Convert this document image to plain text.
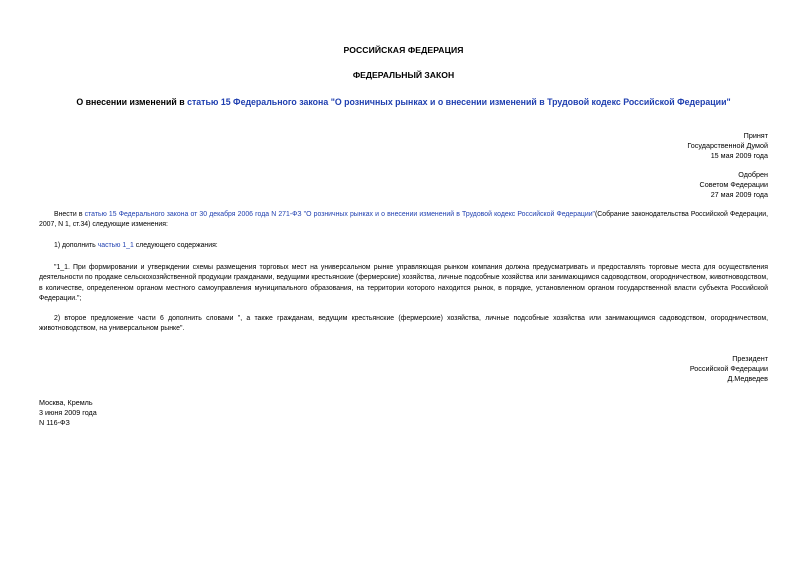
РОССИЙСКАЯ ФЕДЕРАЦИЯ
ФЕДЕРАЛЬНЫЙ ЗАКОН
О внесении изменений в статью 15 Федерального закона "О розничных рынках и о внесении изменений в Трудовой кодекс Российской Федерации"
Принят
Государственной Думой
15 мая 2009 года
Одобрен
Советом Федерации
27 мая 2009 года
Внести в статью 15 Федерального закона от 30 декабря 2006 года N 271-ФЗ "О розничных рынках и о внесении изменений в Трудовой кодекс Российской Федерации"(Собрание законодательства Российской Федерации, 2007, N 1, ст.34) следующие изменения:
1) дополнить частью 1_1 следующего содержания:
"1_1. При формировании и утверждении схемы размещения торговых мест на универсальном рынке управляющая рынком компания должна предусматривать и предоставлять торговые места для осуществления деятельности по продаже сельскохозяйственной продукции гражданами, ведущими крестьянские (фермерские) хозяйства, личные подсобные хозяйства или занимающимся садоводством, огородничеством, животноводством, в количестве, определенном органом местного самоуправления муниципального образования, на территории которого находится рынок, в порядке, установленном органом государственной власти субъекта Российской Федерации.";
2) второе предложение части 6 дополнить словами ", а также гражданам, ведущим крестьянские (фермерские) хозяйства, личные подсобные хозяйства или занимающимся садоводством, огородничеством, животноводством, на универсальном рынке".
Президент
Российской Федерации
Д.Медведев
Москва, Кремль
3 июня 2009 года
N 116-ФЗ
